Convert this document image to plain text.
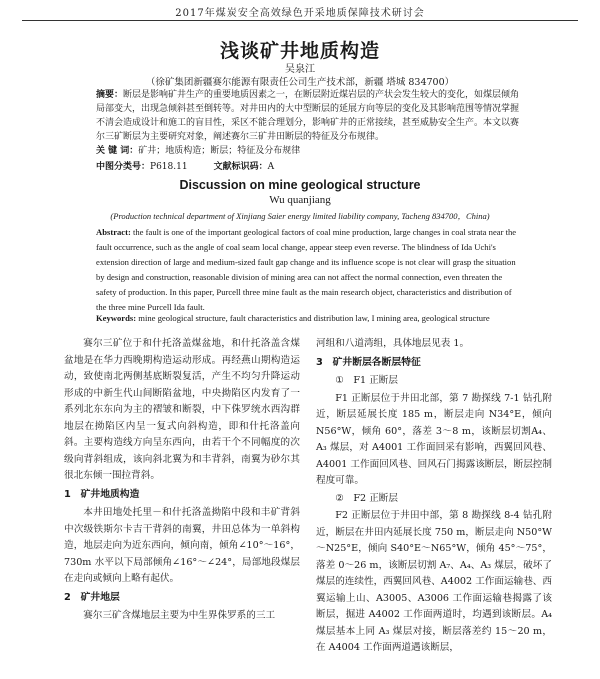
2017年煤炭安全高效绿色开采地质保障技术研讨会
浅谈矿井地质构造
吴泉江
（徐矿集团新疆赛尔能源有限责任公司生产技术部，新疆 塔城 834700）
摘要：断层是影响矿井生产的重要地质因素之一，在断层附近煤岩层的产状会发生较大的变化，如煤层倾角局部变大，出现急倾斜甚至倒转等。对井田内的大中型断层的延展方向等层的变化及其影响范围等情况掌握不清会造成设计和施工的盲目性，采区不能合理划分，影响矿井的正常接续，甚至威胁安全生产。本文以赛尔三矿断层为主要研究对象，阐述赛尔三矿井田断层的特征及分布规律。
关 键 词：矿井；地质构造；断层；特征及分布规律
中图分类号：P618.11	文献标识码：A
Discussion on mine geological structure
Wu quanjiang
(Production technical department of Xinjiang Saier energy limited liability company, Tacheng 834700，China)
Abstract: the fault is one of the important geological factors of coal mine production, large changes in coal strata near the fault occurrence, such as the angle of coal seam local change, appear steep even reverse. The blindness of Ida Uchi's extension direction of large and medium-sized fault gap change and its influence scope is not clear will grasp the situation by design and construction, reasonable division of mining area can not affect the normal connection, even threaten the safety of production. In this paper, Purcell three mine fault as the main research object, characteristics and distribution of the three mine Purcell Ida fault.
Keywords: mine geological structure, fault characteristics and distribution law, I mining area, geological structure

赛尔三矿位于和什托洛盖煤盆地，和什托洛盖含煤盆地是在华力西晚期构造运动形成。再经燕山期构造运动，致使南北两侧基底断裂复活，产生不均匀升降运动形成的中新生代山间断陷盆地，中央拗陷区内发育了一系列北东东向为主的褶皱和断裂，中下侏罗统水西沟群地层在拗陷区内呈一复式向斜构造，即和什托洛盖向斜。主要构造线方向呈东西向，由若干个不同幅度的次级向背斜组成，该向斜北翼为和丰背斜，南翼为砂尔其很北东倾一围拉背斜。

1　矿井地质构造

本井田地处托里－和什托洛盖拗陷中段和丰矿背斜中次级铁斯尔卡吉干背斜的南翼，井田总体为一单斜构造，地层走向为近东西向，倾向南，倾角∠10°～16°，730m 水平以下局部倾角∠16°～∠24°，局部地段煤层在走向或倾向上略有起伏。

2　矿井地层

赛尔三矿含煤地层主要为中生界侏罗系的三工

河组和八道湾组，具体地层见表 1。

3　矿井断层各断层特征
①　F1 正断层

F1 正断层位于井田北部，第 7 勘探线 7-1 钻孔附近，断层延展长度 185 m，断层走向 N34°E，倾向 N56°W，倾角 60°，落差 3～8 m，该断层切割A₄、A₃ 煤层，对 A4001 工作面回采有影响，西翼回风巷、A4001 工作面回风巷、回风石门揭露该断层，断层控制程度可靠。

②　F2 正断层

F2 正断层位于井田中部，第 8 勘探线 8-4 钻孔附近，断层在井田内延展长度 750 m，断层走向 N50°W～N25°E，倾向 S40°E～N65°W，倾角 45°～75°，落差 0～26 m，该断层切割 A₇、A₄、A₃ 煤层，破坏了煤层的连续性，西翼回风巷、A4002 工作面运输巷、西翼运输上山、A3005、A3006 工作面运输巷揭露了该断层，掘进 A4002 工作面两道时，均遇到该断层。A₄ 煤层基本上同 A₃ 煤层对接，断层落差约 15～20 m，在 A4004 工作面两道遇该断层，
